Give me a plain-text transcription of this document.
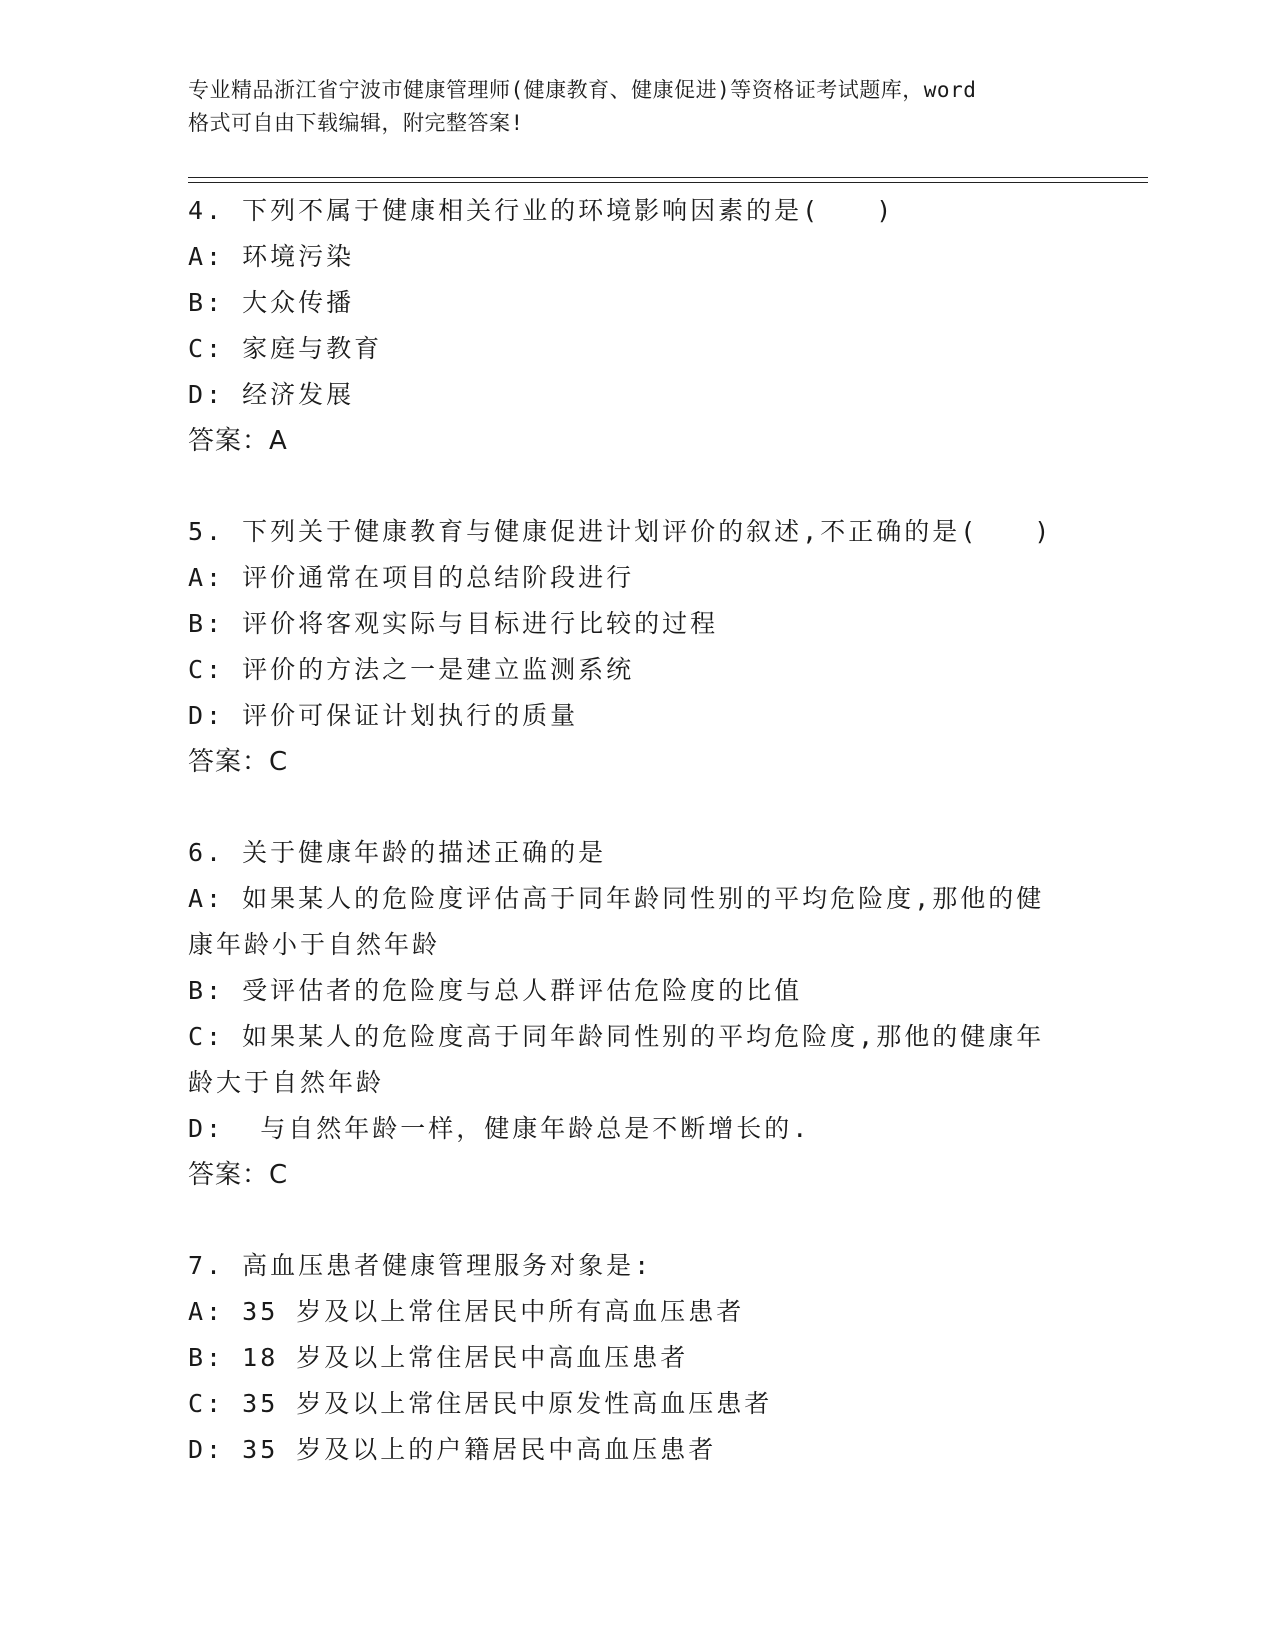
专业精品浙江省宁波市健康管理师(健康教育、健康促进)等资格证考试题库，word
格式可自由下载编辑，附完整答案!
4. 下列不属于健康相关行业的环境影响因素的是(　　)
A: 环境污染
B: 大众传播
C: 家庭与教育
D: 经济发展
答案：A
5. 下列关于健康教育与健康促进计划评价的叙述,不正确的是(　　)
A: 评价通常在项目的总结阶段进行
B: 评价将客观实际与目标进行比较的过程
C: 评价的方法之一是建立监测系统
D: 评价可保证计划执行的质量
答案：C
6. 关于健康年龄的描述正确的是
A: 如果某人的危险度评估高于同年龄同性别的平均危险度,那他的健康年龄小于自然年龄
B: 受评估者的危险度与总人群评估危险度的比值
C: 如果某人的危险度高于同年龄同性别的平均危险度,那他的健康年龄大于自然年龄
D:  与自然年龄一样，健康年龄总是不断增长的.
答案：C
7. 高血压患者健康管理服务对象是:
A: 35 岁及以上常住居民中所有高血压患者
B: 18 岁及以上常住居民中高血压患者
C: 35 岁及以上常住居民中原发性高血压患者
D: 35 岁及以上的户籍居民中高血压患者
